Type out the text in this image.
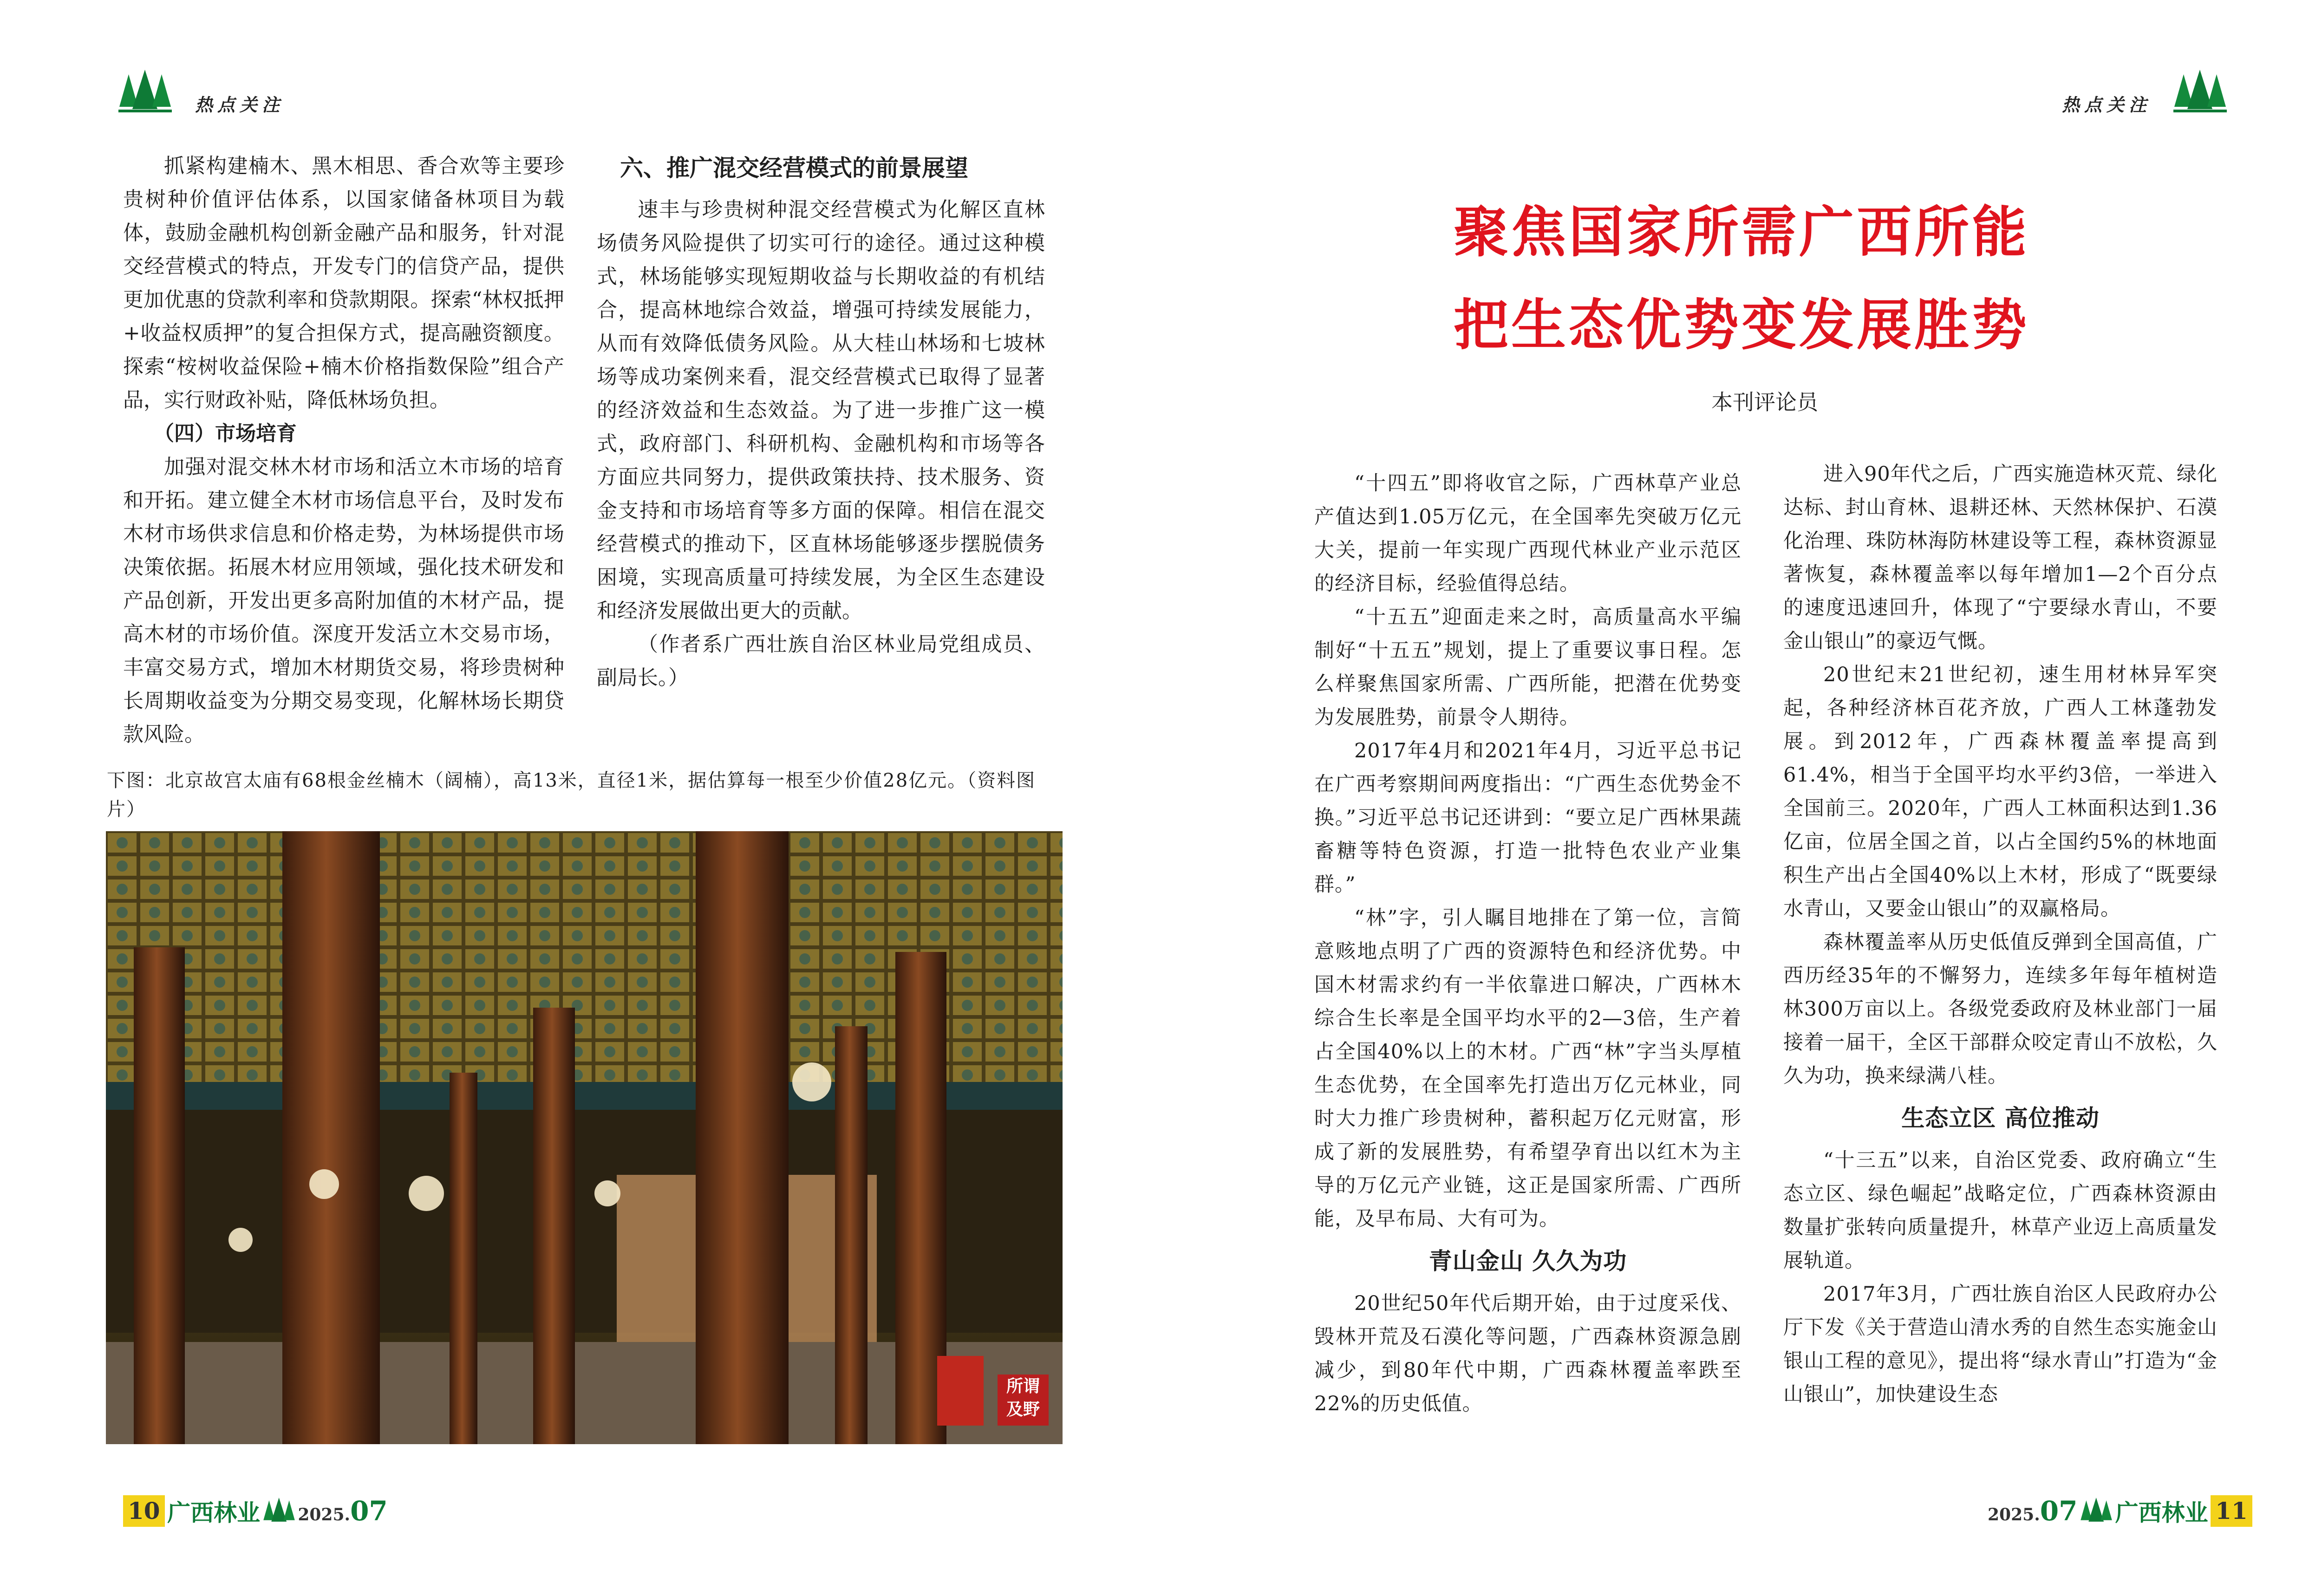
热点关注	热点关注

抓紧构建楠木、黑木相思、香合欢等主要珍贵树种价值评估体系，以国家储备林项目为载体，鼓励金融机构创新金融产品和服务，针对混交经营模式的特点，开发专门的信贷产品，提供更加优惠的贷款利率和贷款期限。探索“林权抵押+收益权质押”的复合担保方式，提高融资额度。探索“桉树收益保险+楠木价格指数保险”组合产品，实行财政补贴，降低林场负担。

（四）市场培育

加强对混交林木材市场和活立木市场的培育和开拓。建立健全木材市场信息平台，及时发布木材市场供求信息和价格走势，为林场提供市场决策依据。拓展木材应用领域，强化技术研发和产品创新，开发出更多高附加值的木材产品，提高木材的市场价值。深度开发活立木交易市场，丰富交易方式，增加木材期货交易，将珍贵树种长周期收益变为分期交易变现，化解林场长期贷款风险。

六、推广混交经营模式的前景展望

速丰与珍贵树种混交经营模式为化解区直林场债务风险提供了切实可行的途径。通过这种模式，林场能够实现短期收益与长期收益的有机结合，提高林地综合效益，增强可持续发展能力，从而有效降低债务风险。从大桂山林场和七坡林场等成功案例来看，混交经营模式已取得了显著的经济效益和生态效益。为了进一步推广这一模式，政府部门、科研机构、金融机构和市场等各方面应共同努力，提供政策扶持、技术服务、资金支持和市场培育等多方面的保障。相信在混交经营模式的推动下，区直林场能够逐步摆脱债务困境，实现高质量可持续发展，为全区生态建设和经济发展做出更大的贡献。

（作者系广西壮族自治区林业局党组成员、副局长。）

下图：北京故宫太庙有68根金丝楠木（阔楠），高13米，直径1米，据估算每一根至少价值28亿元。（资料图片）
所谓 及野
聚焦国家所需广西所能
把生态优势变发展胜势
本刊评论员

“十四五”即将收官之际，广西林草产业总产值达到1.05万亿元，在全国率先突破万亿元大关，提前一年实现广西现代林业产业示范区的经济目标，经验值得总结。

“十五五”迎面走来之时，高质量高水平编制好“十五五”规划，提上了重要议事日程。怎么样聚焦国家所需、广西所能，把潜在优势变为发展胜势，前景令人期待。

2017年4月和2021年4月，习近平总书记在广西考察期间两度指出：“广西生态优势金不换。”习近平总书记还讲到：“要立足广西林果蔬畜糖等特色资源，打造一批特色农业产业集群。”

“林”字，引人瞩目地排在了第一位，言简意赅地点明了广西的资源特色和经济优势。中国木材需求约有一半依靠进口解决，广西林木综合生长率是全国平均水平的2—3倍，生产着占全国40%以上的木材。广西“林”字当头厚植生态优势，在全国率先打造出万亿元林业，同时大力推广珍贵树种，蓄积起万亿元财富，形成了新的发展胜势，有希望孕育出以红木为主导的万亿元产业链，这正是国家所需、广西所能，及早布局、大有可为。

青山金山 久久为功

20世纪50年代后期开始，由于过度采伐、毁林开荒及石漠化等问题，广西森林资源急剧减少，到80年代中期，广西森林覆盖率跌至22%的历史低值。

进入90年代之后，广西实施造林灭荒、绿化达标、封山育林、退耕还林、天然林保护、石漠化治理、珠防林海防林建设等工程，森林资源显著恢复，森林覆盖率以每年增加1—2个百分点的速度迅速回升，体现了“宁要绿水青山，不要金山银山”的豪迈气慨。

20世纪末21世纪初，速生用材林异军突起，各种经济林百花齐放，广西人工林蓬勃发展。到2012年，广西森林覆盖率提高到61.4%，相当于全国平均水平约3倍，一举进入全国前三。2020年，广西人工林面积达到1.36亿亩，位居全国之首，以占全国约5%的林地面积生产出占全国40%以上木材，形成了“既要绿水青山，又要金山银山”的双赢格局。

森林覆盖率从历史低值反弹到全国高值，广西历经35年的不懈努力，连续多年每年植树造林300万亩以上。各级党委政府及林业部门一届接着一届干，全区干部群众咬定青山不放松，久久为功，换来绿满八桂。

生态立区 高位推动

“十三五”以来，自治区党委、政府确立“生态立区、绿色崛起”战略定位，广西森林资源由数量扩张转向质量提升，林草产业迈上高质量发展轨道。

2017年3月，广西壮族自治区人民政府办公厅下发《关于营造山清水秀的自然生态实施金山银山工程的意见》，提出将“绿水青山”打造为“金山银山”，加快建设生态

10 广西林业 2025.07	2025.07 广西林业 11
